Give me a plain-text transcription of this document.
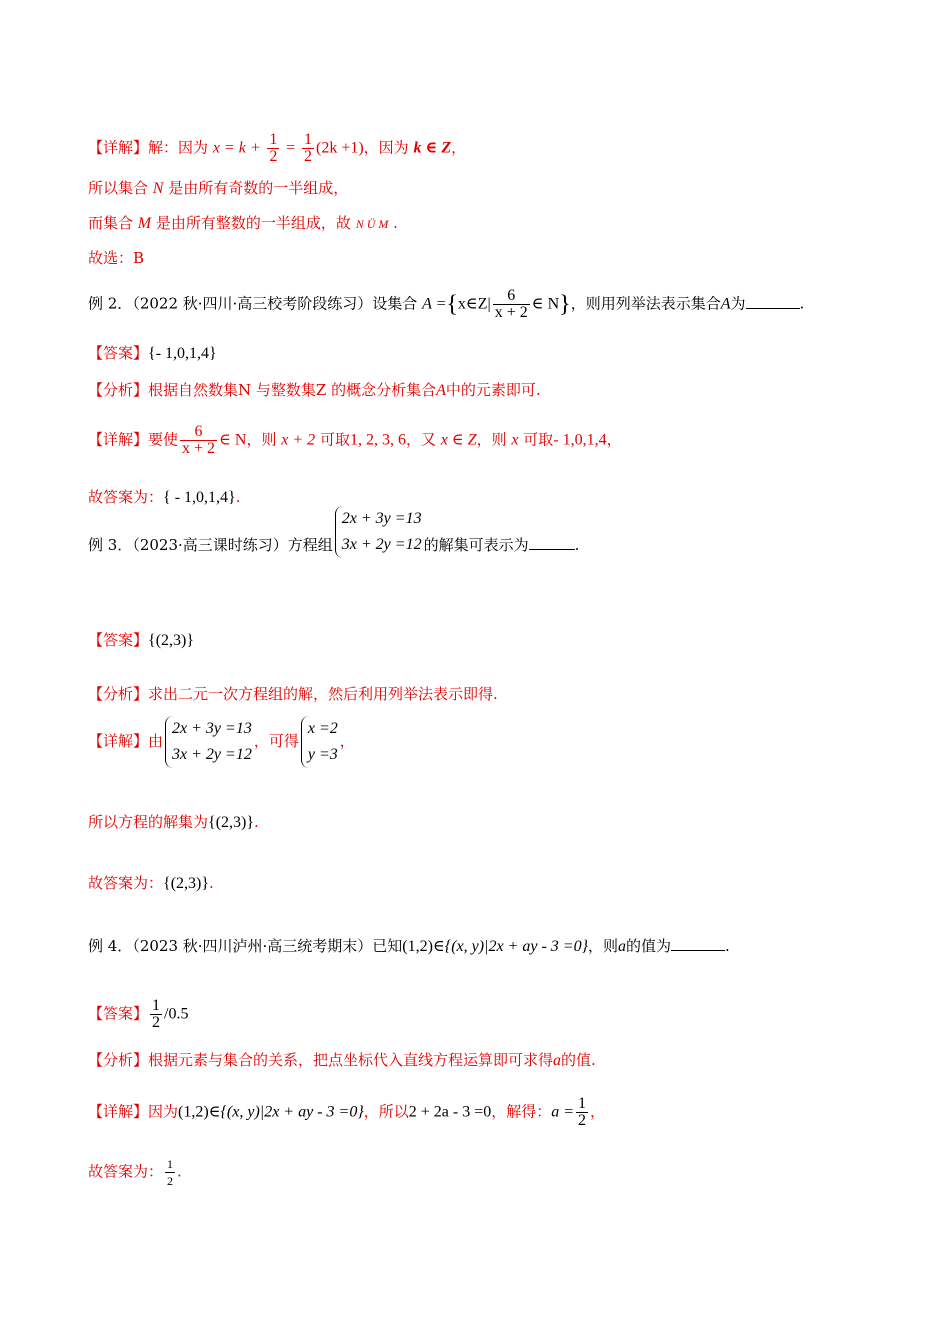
【详解】解：因为 $x = k + \frac{1}{2} = \frac{1}{2} (2k +1)$，因为 k ∈ Z，
所以集合 N 是由所有奇数的一半组成，
而集合 M 是由所有整数的一半组成，故 N Ü M .
故选：B
例 2．（2022 秋·四川·高三校考阶段练习）设集合 A ={x∈Z| $\frac{6}{x + 2}$ ∈ N}，则用列举法表示集合A为	.
【答案】{- 1,0,1,4}
【分析】根据自然数集N 与整数集Z 的概念分析集合A中的元素即可.
【详解】要使 $\frac{6}{x + 2}$ ∈ N，则 x + 2 可取1, 2, 3, 6，又 x ∈ Z，则 x 可取- 1,0,1,4，
故答案为：{ - 1,0,1,4}.
例 3．（2023·高三课时练习）方程组
2x + 3y =13
3x + 2y =12 的解集可表示为	.
【答案】{(2,3)}
【分析】求出二元一次方程组的解，然后利用列举法表示即得.
【详解】由
2x + 3y =13
3x + 2y =12
，可得
x =2
y =3
，
所以方程的解集为{(2,3)}.
故答案为：{(2,3)}.
例 4．（2023 秋·四川泸州·高三统考期末）已知(1,2)∈{(x, y)|2x + ay - 3 =0}，则a的值为	.
【答案】 $\frac{1}{2} /0.5$
【分析】根据元素与集合的关系，把点坐标代入直线方程运算即可求得a的值.
【详解】因为(1,2)∈{(x, y)|2x + ay - 3 =0}，所以2 + 2a - 3 =0，解得：$a = \frac{1}{2}$ ，
故答案为： $\frac{1}{2}$ .
